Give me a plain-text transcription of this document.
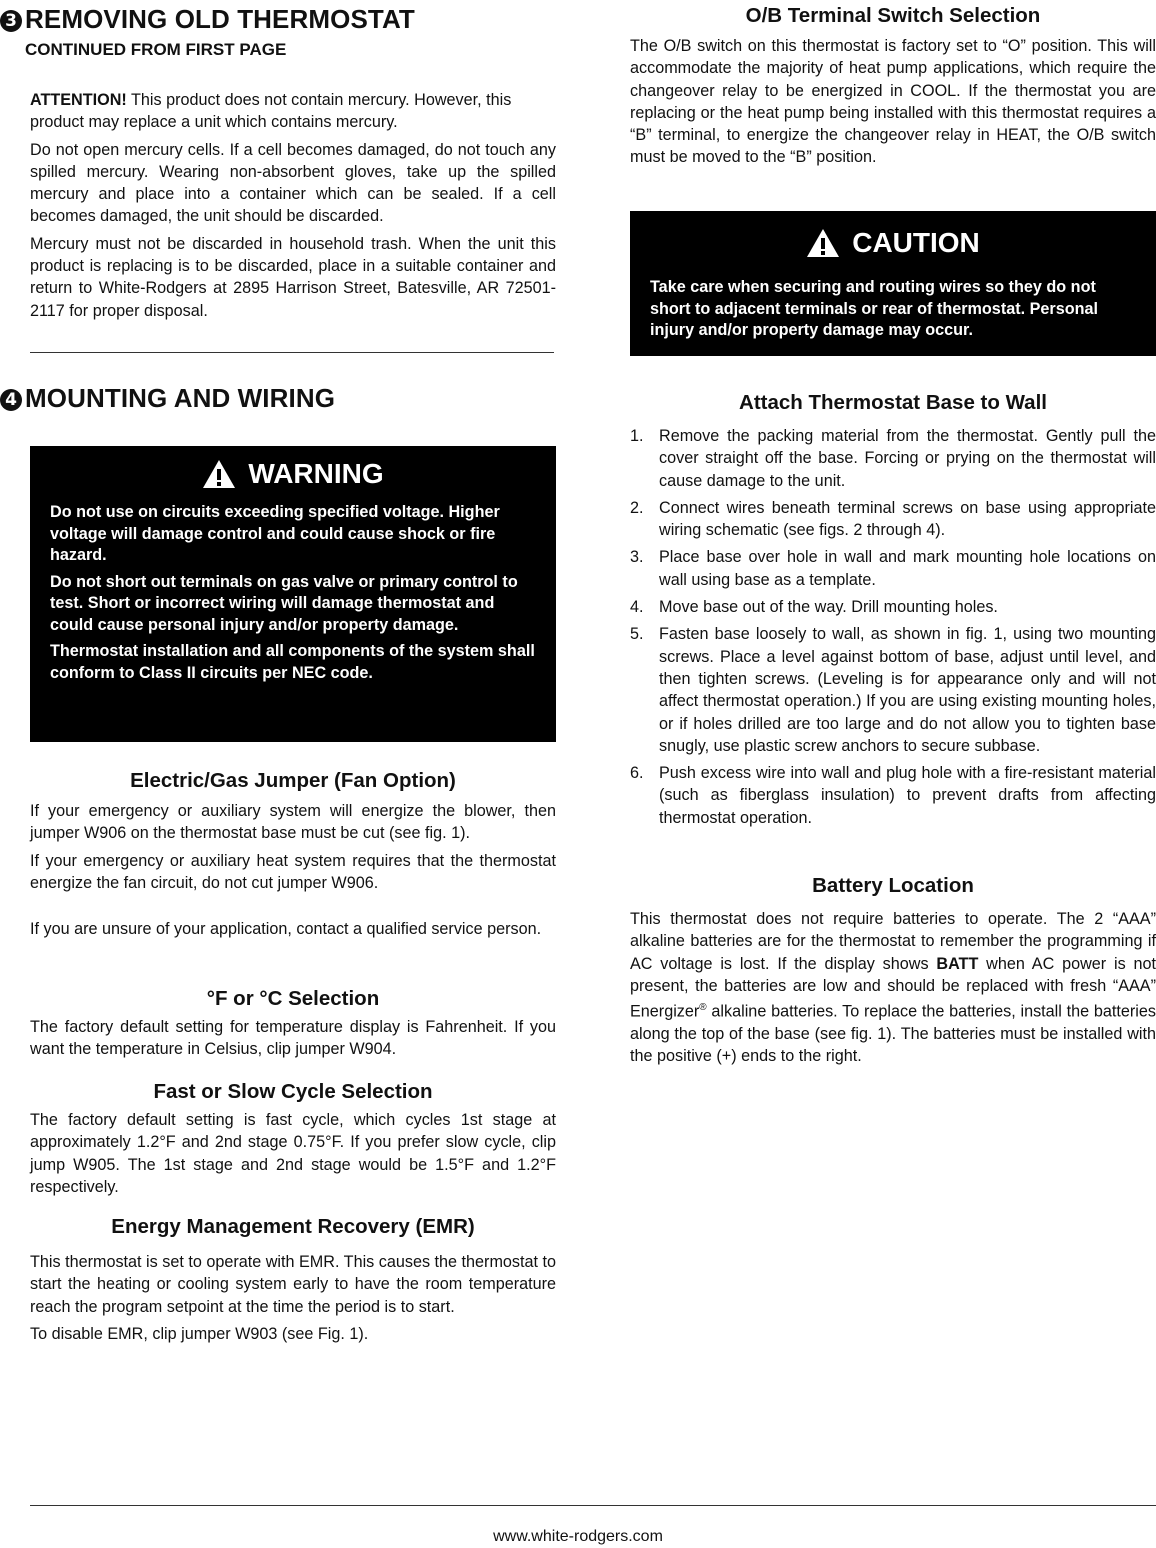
3 REMOVING OLD THERMOSTAT
CONTINUED FROM FIRST PAGE

ATTENTION! This product does not contain mercury. However, this product may replace a unit which contains mercury.

Do not open mercury cells. If a cell becomes damaged, do not touch any spilled mercury. Wearing non-absorbent gloves, take up the spilled mercury and place into a container which can be sealed. If a cell becomes damaged, the unit should be discarded.

Mercury must not be discarded in household trash. When the unit this product is replacing is to be discarded, place in a suitable container and return to White-Rodgers at 2895 Harrison Street, Batesville, AR 72501-2117 for proper disposal.

4 MOUNTING AND WIRING
WARNING

Do not use on circuits exceeding specified voltage. Higher voltage will damage control and could cause shock or fire hazard.

Do not short out terminals on gas valve or primary control to test. Short or incorrect wiring will damage thermostat and could cause personal injury and/or property damage.

Thermostat installation and all components of the system shall conform to Class II circuits per NEC code.

Electric/Gas Jumper (Fan Option)

If your emergency or auxiliary system will energize the blower, then jumper W906 on the thermostat base must be cut (see fig. 1).

If your emergency or auxiliary heat system requires that the thermostat energize the fan circuit, do not cut jumper W906.

If you are unsure of your application, contact a qualified service person.

°F or °C Selection

The factory default setting for temperature display is Fahrenheit. If you want the temperature in Celsius, clip jumper W904.

Fast or Slow Cycle Selection

The factory default setting is fast cycle, which cycles 1st stage at approximately 1.2°F and 2nd stage 0.75°F. If you prefer slow cycle, clip jump W905. The 1st stage and 2nd stage would be 1.5°F and 1.2°F respectively.

Energy Management Recovery (EMR)

This thermostat is set to operate with EMR. This causes the thermostat to start the heating or cooling system early to have the room temperature reach the program setpoint at the time the period is to start.

To disable EMR, clip jumper W903 (see Fig. 1).

O/B Terminal Switch Selection

The O/B switch on this thermostat is factory set to “O” position. This will accommodate the majority of heat pump applications, which require the changeover relay to be energized in COOL. If the thermostat you are replacing or the heat pump being installed with this thermostat requires a “B” terminal, to energize the changeover relay in HEAT, the O/B switch must be moved to the “B” position.

CAUTION

Take care when securing and routing wires so they do not short to adjacent terminals or rear of thermostat. Personal injury and/or property damage may occur.

Attach Thermostat Base to Wall
1. Remove the packing material from the thermostat. Gently pull the cover straight off the base. Forcing or prying on the thermostat will cause damage to the unit.
2. Connect wires beneath terminal screws on base using appropriate wiring schematic (see figs. 2 through 4).
3. Place base over hole in wall and mark mounting hole locations on wall using base as a template.
4. Move base out of the way. Drill mounting holes.
5. Fasten base loosely to wall, as shown in fig. 1, using two mounting screws. Place a level against bottom of base, adjust until level, and then tighten screws. (Leveling is for appearance only and will not affect thermostat operation.) If you are using existing mounting holes, or if holes drilled are too large and do not allow you to tighten base snugly, use plastic screw anchors to secure subbase.
6. Push excess wire into wall and plug hole with a fire-resistant material (such as fiberglass insulation) to prevent drafts from affecting thermostat operation.
Battery Location

This thermostat does not require batteries to operate. The 2 “AAA” alkaline batteries are for the thermostat to remember the programming if AC voltage is lost. If the display shows BATT when AC power is not present, the batteries are low and should be replaced with fresh “AAA” Energizer® alkaline batteries. To replace the batteries, install the batteries along the top of the base (see fig. 1). The batteries must be installed with the positive (+) ends to the right.

www.white-rodgers.com
